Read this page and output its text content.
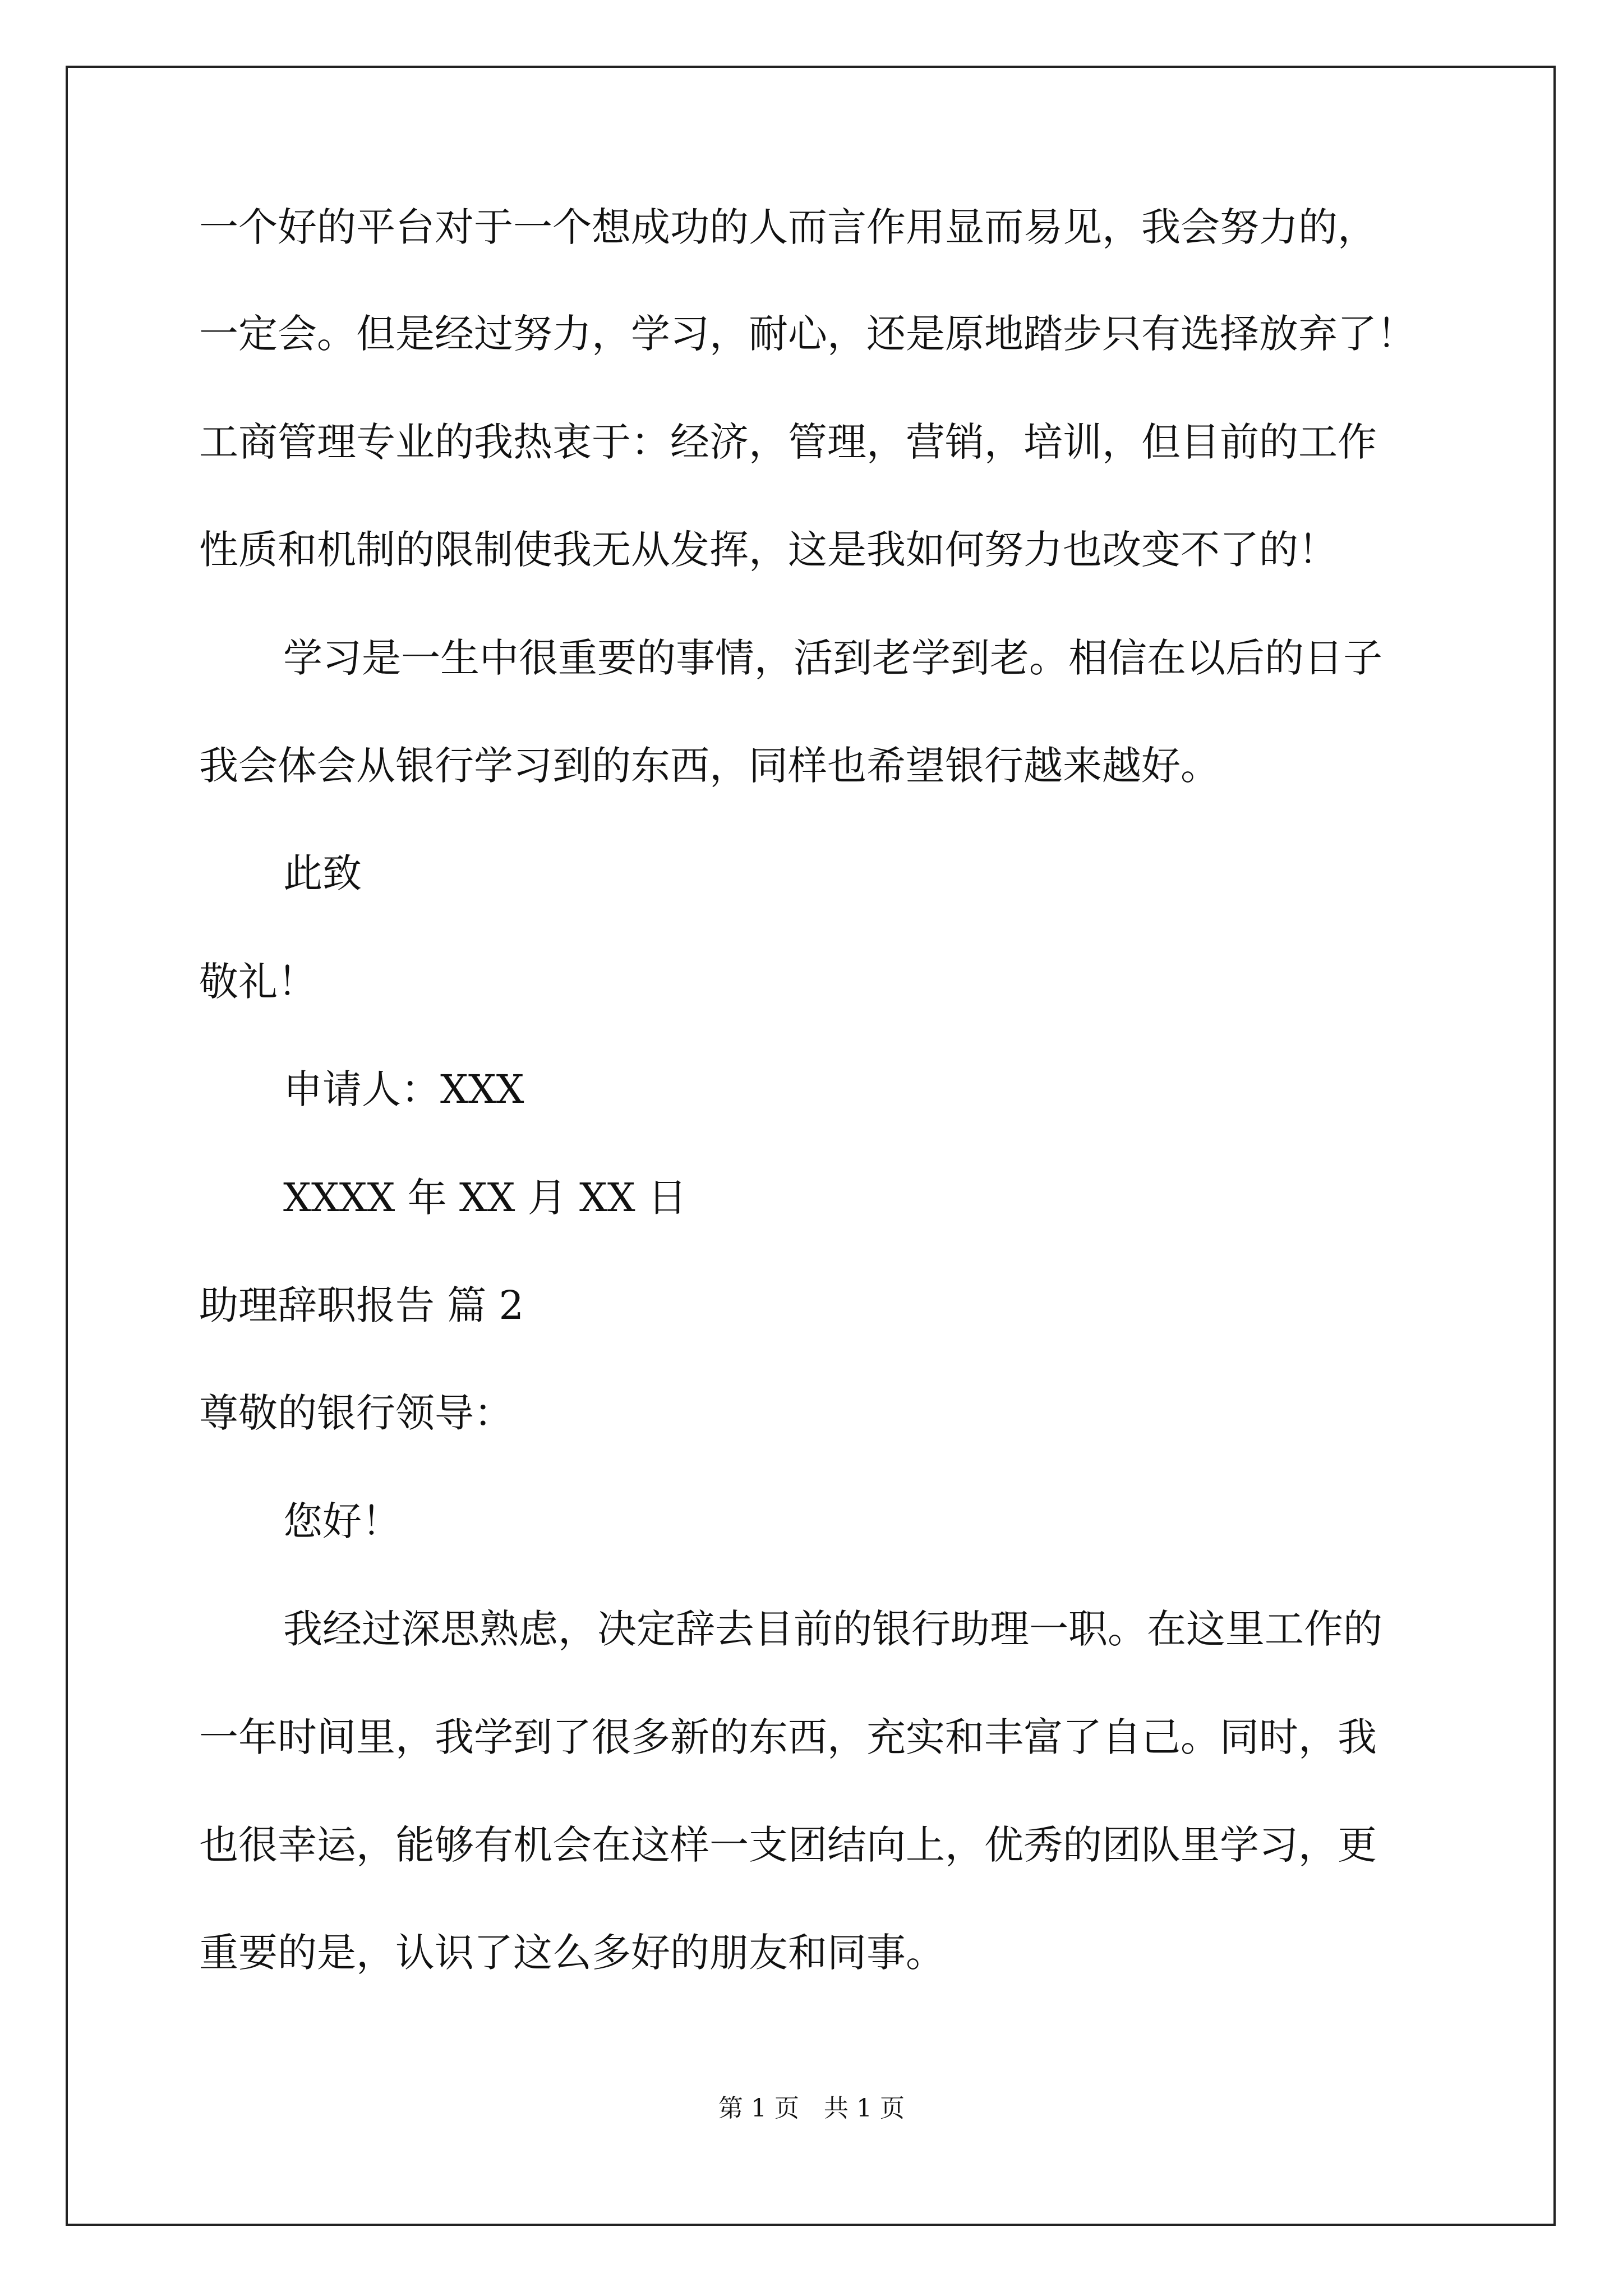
一个好的平台对于一个想成功的人而言作用显而易见，我会努力的，
一定会。但是经过努力，学习，耐心，还是原地踏步只有选择放弃了！
工商管理专业的我热衷于：经济，管理，营销，培训，但目前的工作
性质和机制的限制使我无从发挥，这是我如何努力也改变不了的！
学习是一生中很重要的事情，活到老学到老。相信在以后的日子
我会体会从银行学习到的东西，同样也希望银行越来越好。
此致
敬礼！
申请人：XXX
XXXX 年 XX 月 XX 日
助理辞职报告 篇 2
尊敬的银行领导：
您好！
我经过深思熟虑，决定辞去目前的银行助理一职。在这里工作的
一年时间里，我学到了很多新的东西，充实和丰富了自己。同时，我
也很幸运，能够有机会在这样一支团结向上，优秀的团队里学习，更
重要的是，认识了这么多好的朋友和同事。
第 1 页　共 1 页
